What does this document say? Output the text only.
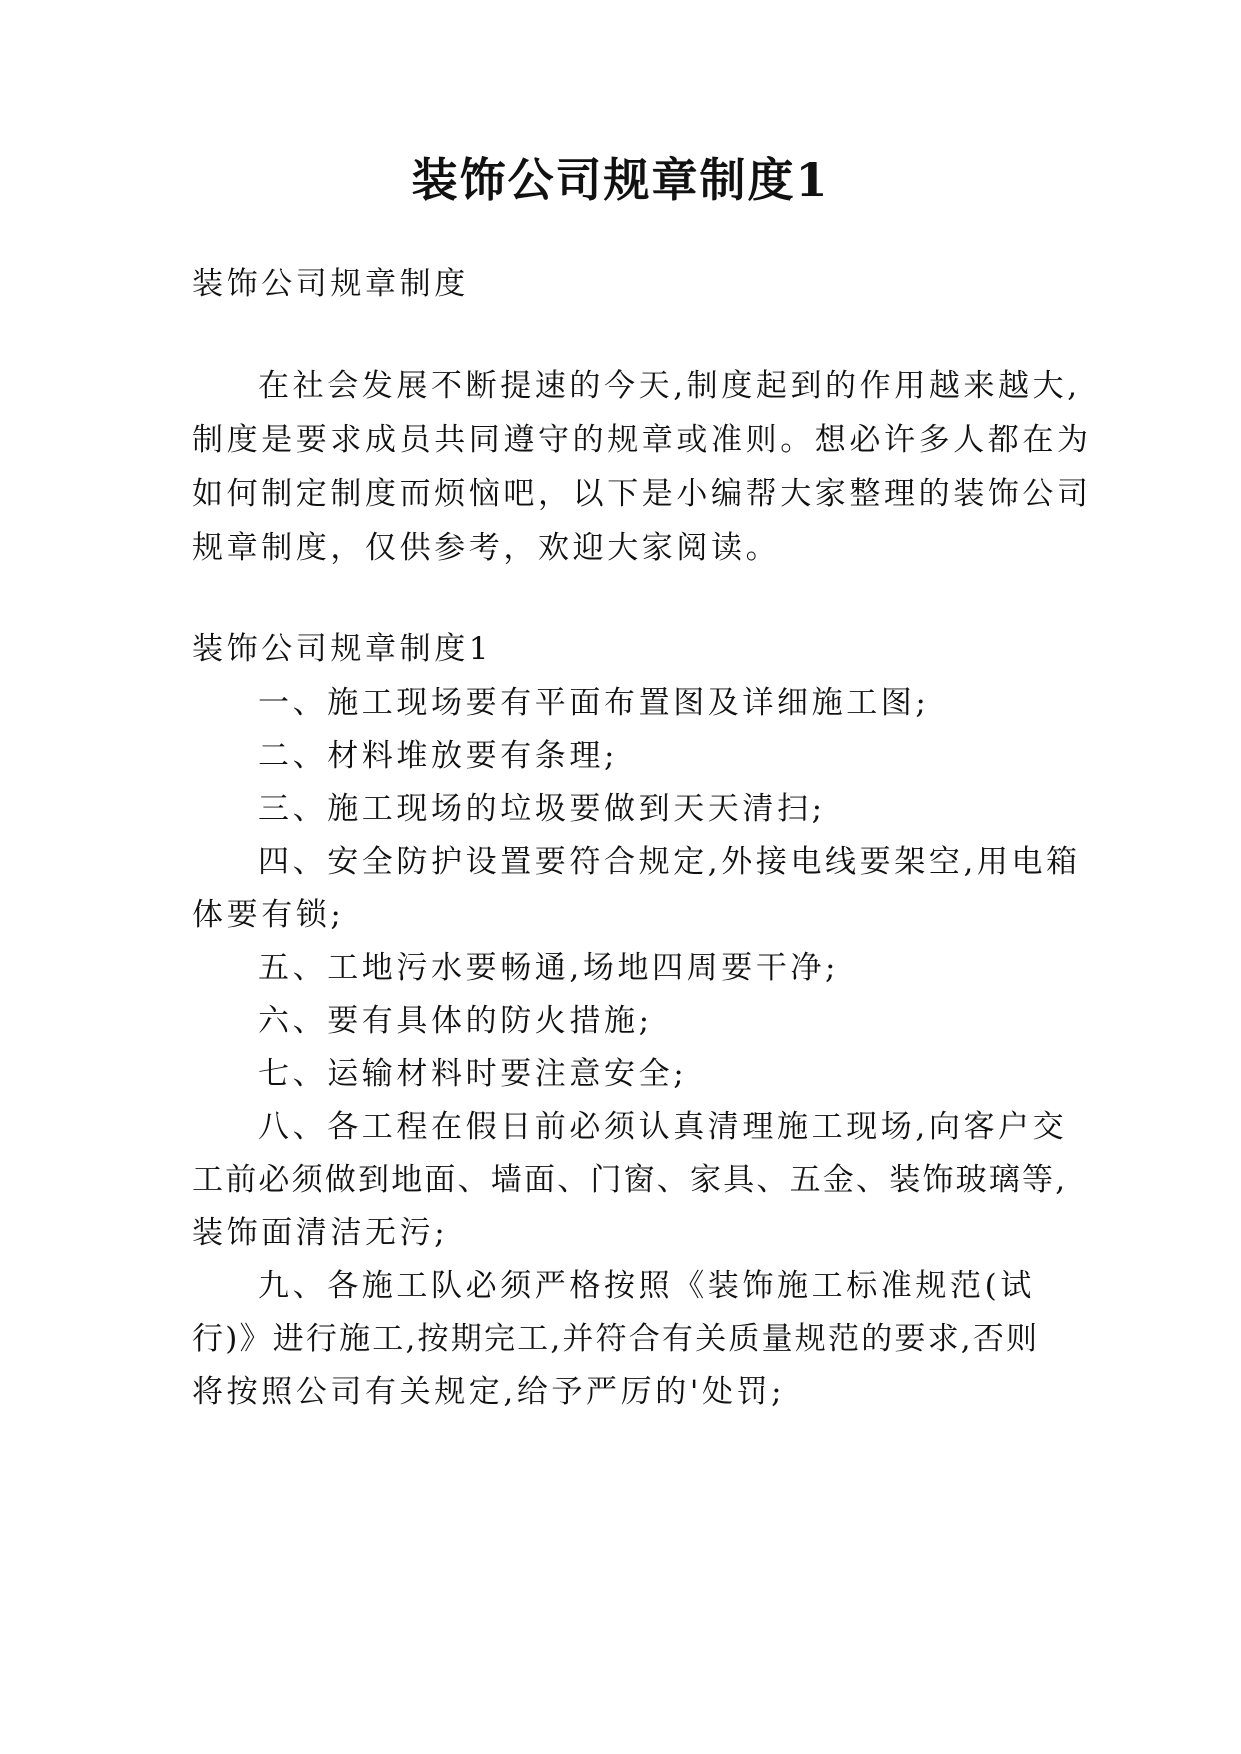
装饰公司规章制度1
装饰公司规章制度
在社会发展不断提速的今天,制度起到的作用越来越大,
制度是要求成员共同遵守的规章或准则。想必许多人都在为
如何制定制度而烦恼吧，以下是小编帮大家整理的装饰公司
规章制度，仅供参考，欢迎大家阅读。
装饰公司规章制度1
一、施工现场要有平面布置图及详细施工图;
二、材料堆放要有条理;
三、施工现场的垃圾要做到天天清扫;
四、安全防护设置要符合规定,外接电线要架空,用电箱
体要有锁;
五、工地污水要畅通,场地四周要干净;
六、要有具体的防火措施;
七、运输材料时要注意安全;
八、各工程在假日前必须认真清理施工现场,向客户交
工前必须做到地面、墙面、门窗、家具、五金、装饰玻璃等,
装饰面清洁无污;
九、各施工队必须严格按照《装饰施工标准规范(试
行)》进行施工,按期完工,并符合有关质量规范的要求,否则
将按照公司有关规定,给予严厉的'处罚;
